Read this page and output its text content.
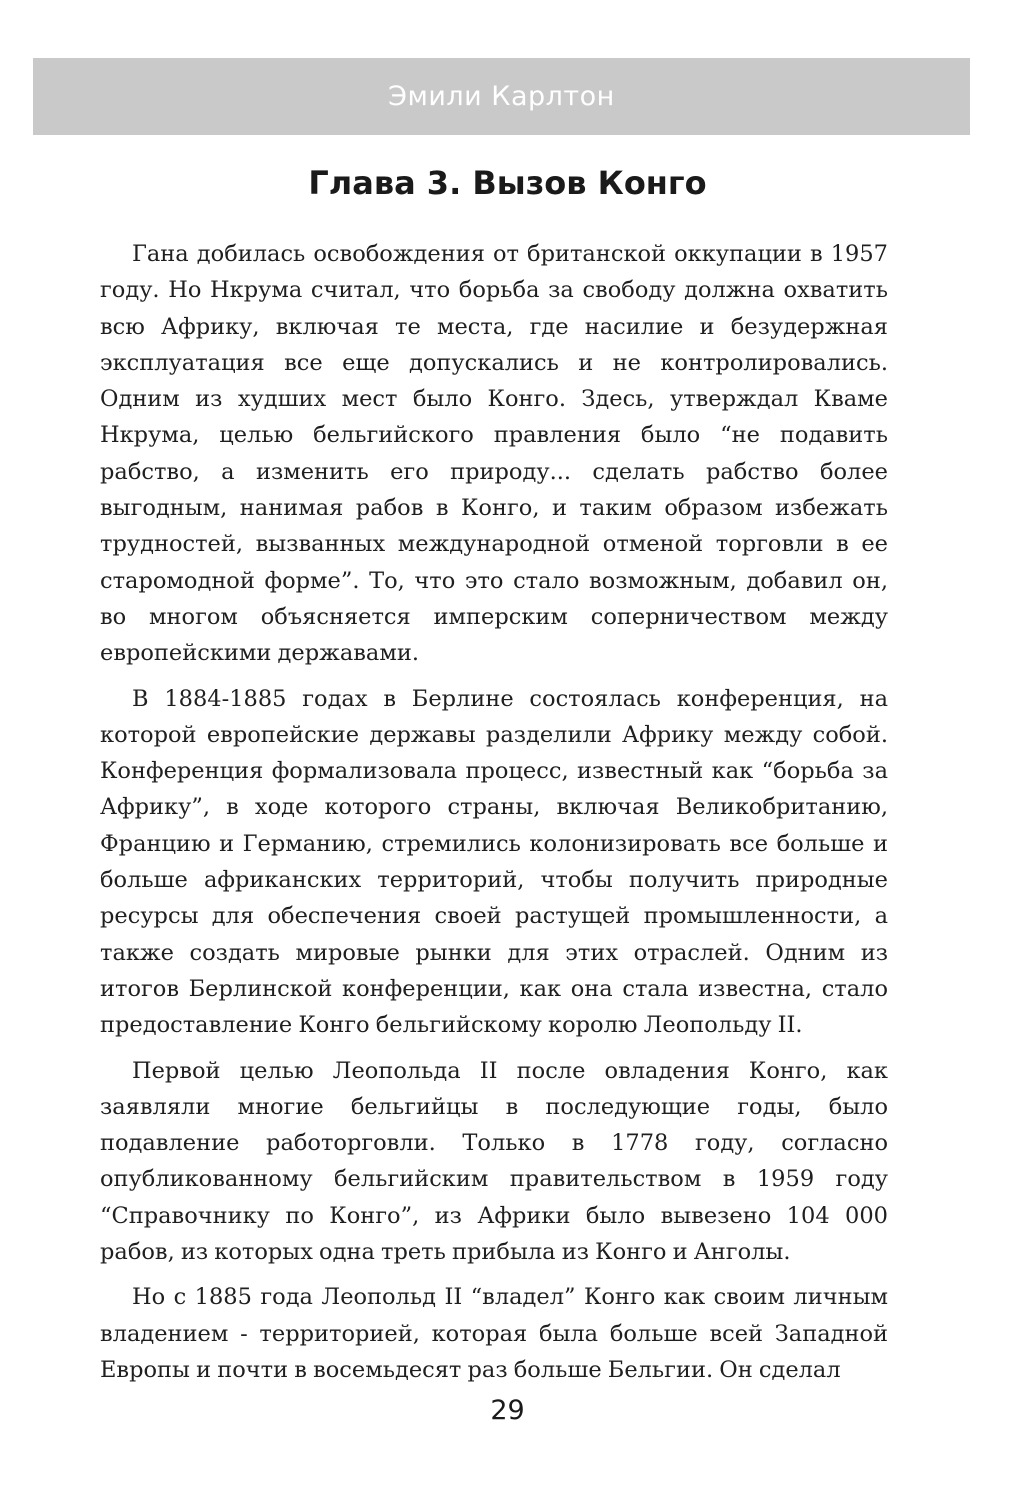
Эмили Карлтон
Глава 3. Вызов Конго

Гана добилась освобождения от британской оккупации в 1957 году. Но Нкрума считал, что борьба за свободу должна охватить всю Африку, включая те места, где насилие и безудержная эксплуатация все еще допускались и не контролировались. Одним из худших мест было Конго. Здесь, утверждал Кваме Нкрума, целью бельгийского правления было “не подавить рабство, а изменить его природу... сделать рабство более выгодным, нанимая рабов в Конго, и таким образом избежать трудностей, вызванных международной отменой торговли в ее старомодной форме”. То, что это стало возможным, добавил он, во многом объясняется имперским соперничеством между европейскими державами.

В 1884-1885 годах в Берлине состоялась конференция, на которой европейские державы разделили Африку между собой. Конференция формализовала процесс, известный как “борьба за Африку”, в ходе которого страны, включая Великобританию, Францию и Германию, стремились колонизировать все больше и больше африканских территорий, чтобы получить природные ресурсы для обеспечения своей растущей промышленности, а также создать мировые рынки для этих отраслей. Одним из итогов Берлинской конференции, как она стала известна, стало предоставление Конго бельгийскому королю Леопольду II.

Первой целью Леопольда II после овладения Конго, как заявляли многие бельгийцы в последующие годы, было подавление работорговли. Только в 1778 году, согласно опубликованному бельгийским правительством в 1959 году “Справочнику по Конго”, из Африки было вывезено 104 000 рабов, из которых одна треть прибыла из Конго и Анголы.

Но с 1885 года Леопольд II “владел” Конго как своим личным владением - территорией, которая была больше всей Западной Европы и почти в восемьдесят раз больше Бельгии. Он сделал

29
